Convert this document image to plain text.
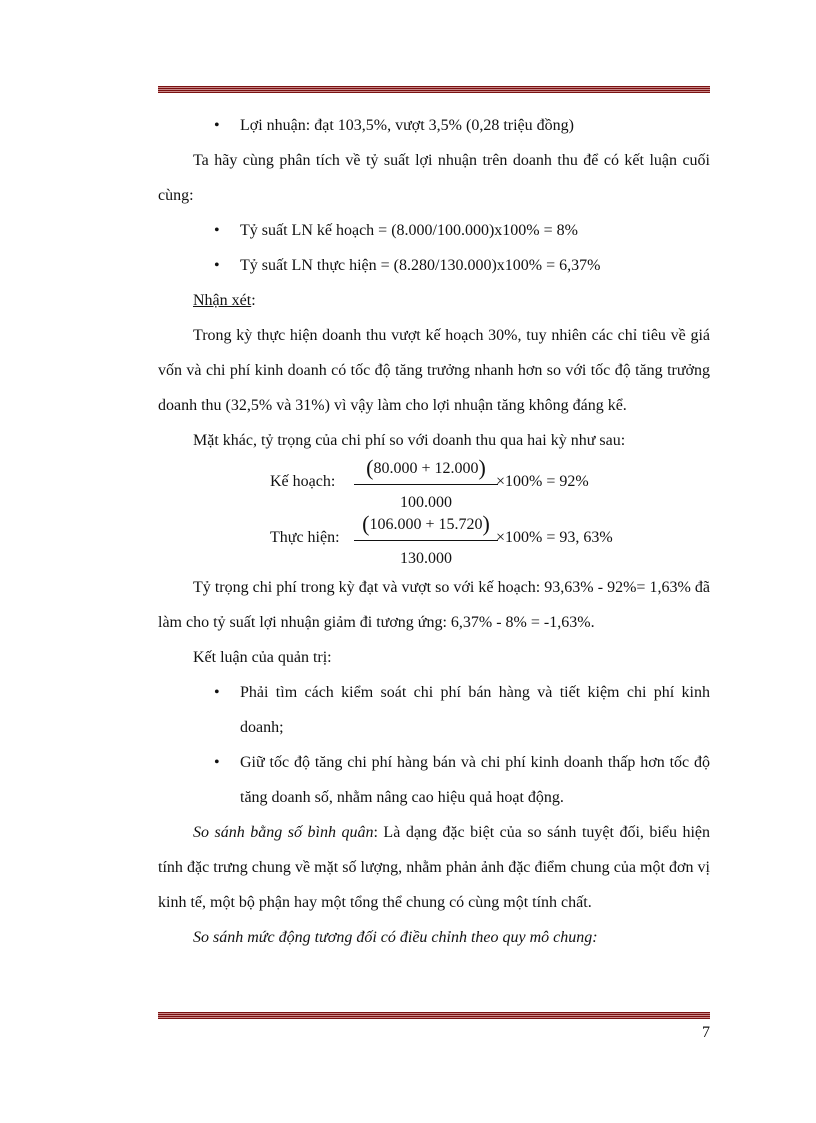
• Lợi nhuận: đạt 103,5%, vượt 3,5% (0,28 triệu đồng)

Ta hãy cùng phân tích về tỷ suất lợi nhuận trên doanh thu để có kết luận cuối cùng:

• Tỷ suất LN kế hoạch = (8.000/100.000)x100% = 8%
• Tỷ suất LN thực hiện = (8.280/130.000)x100% = 6,37%

Nhận xét:

Trong kỳ thực hiện doanh thu vượt kế hoạch 30%, tuy nhiên các chỉ tiêu về giá vốn và chi phí kinh doanh có tốc độ tăng trưởng nhanh hơn so với tốc độ tăng trưởng doanh thu (32,5% và 31%) vì vậy làm cho lợi nhuận tăng không đáng kể.

Mặt khác, tỷ trọng của chi phí so với doanh thu qua hai kỳ như sau:

Kế hoạch:
(80.000 + 12.000)
100.000
×100% = 92%
Thực hiện:
(106.000 + 15.720)
130.000
×100% = 93, 63%

Tỷ trọng chi phí trong kỳ đạt và vượt so với kế hoạch: 93,63% - 92%= 1,63% đã làm cho tỷ suất lợi nhuận giảm đi tương ứng: 6,37% - 8% = -1,63%.

Kết luận của quản trị:

• Phải tìm cách kiểm soát chi phí bán hàng và tiết kiệm chi phí kinh doanh;
• Giữ tốc độ tăng chi phí hàng bán và chi phí kinh doanh thấp hơn tốc độ tăng doanh số, nhằm nâng cao hiệu quả hoạt động.

So sánh bằng số bình quân: Là dạng đặc biệt của so sánh tuyệt đối, biểu hiện tính đặc trưng chung về mặt số lượng, nhằm phản ảnh đặc điểm chung của một đơn vị kinh tế, một bộ phận hay một tổng thể chung có cùng một tính chất.

So sánh mức động tương đối có điều chỉnh theo quy mô chung:

7
